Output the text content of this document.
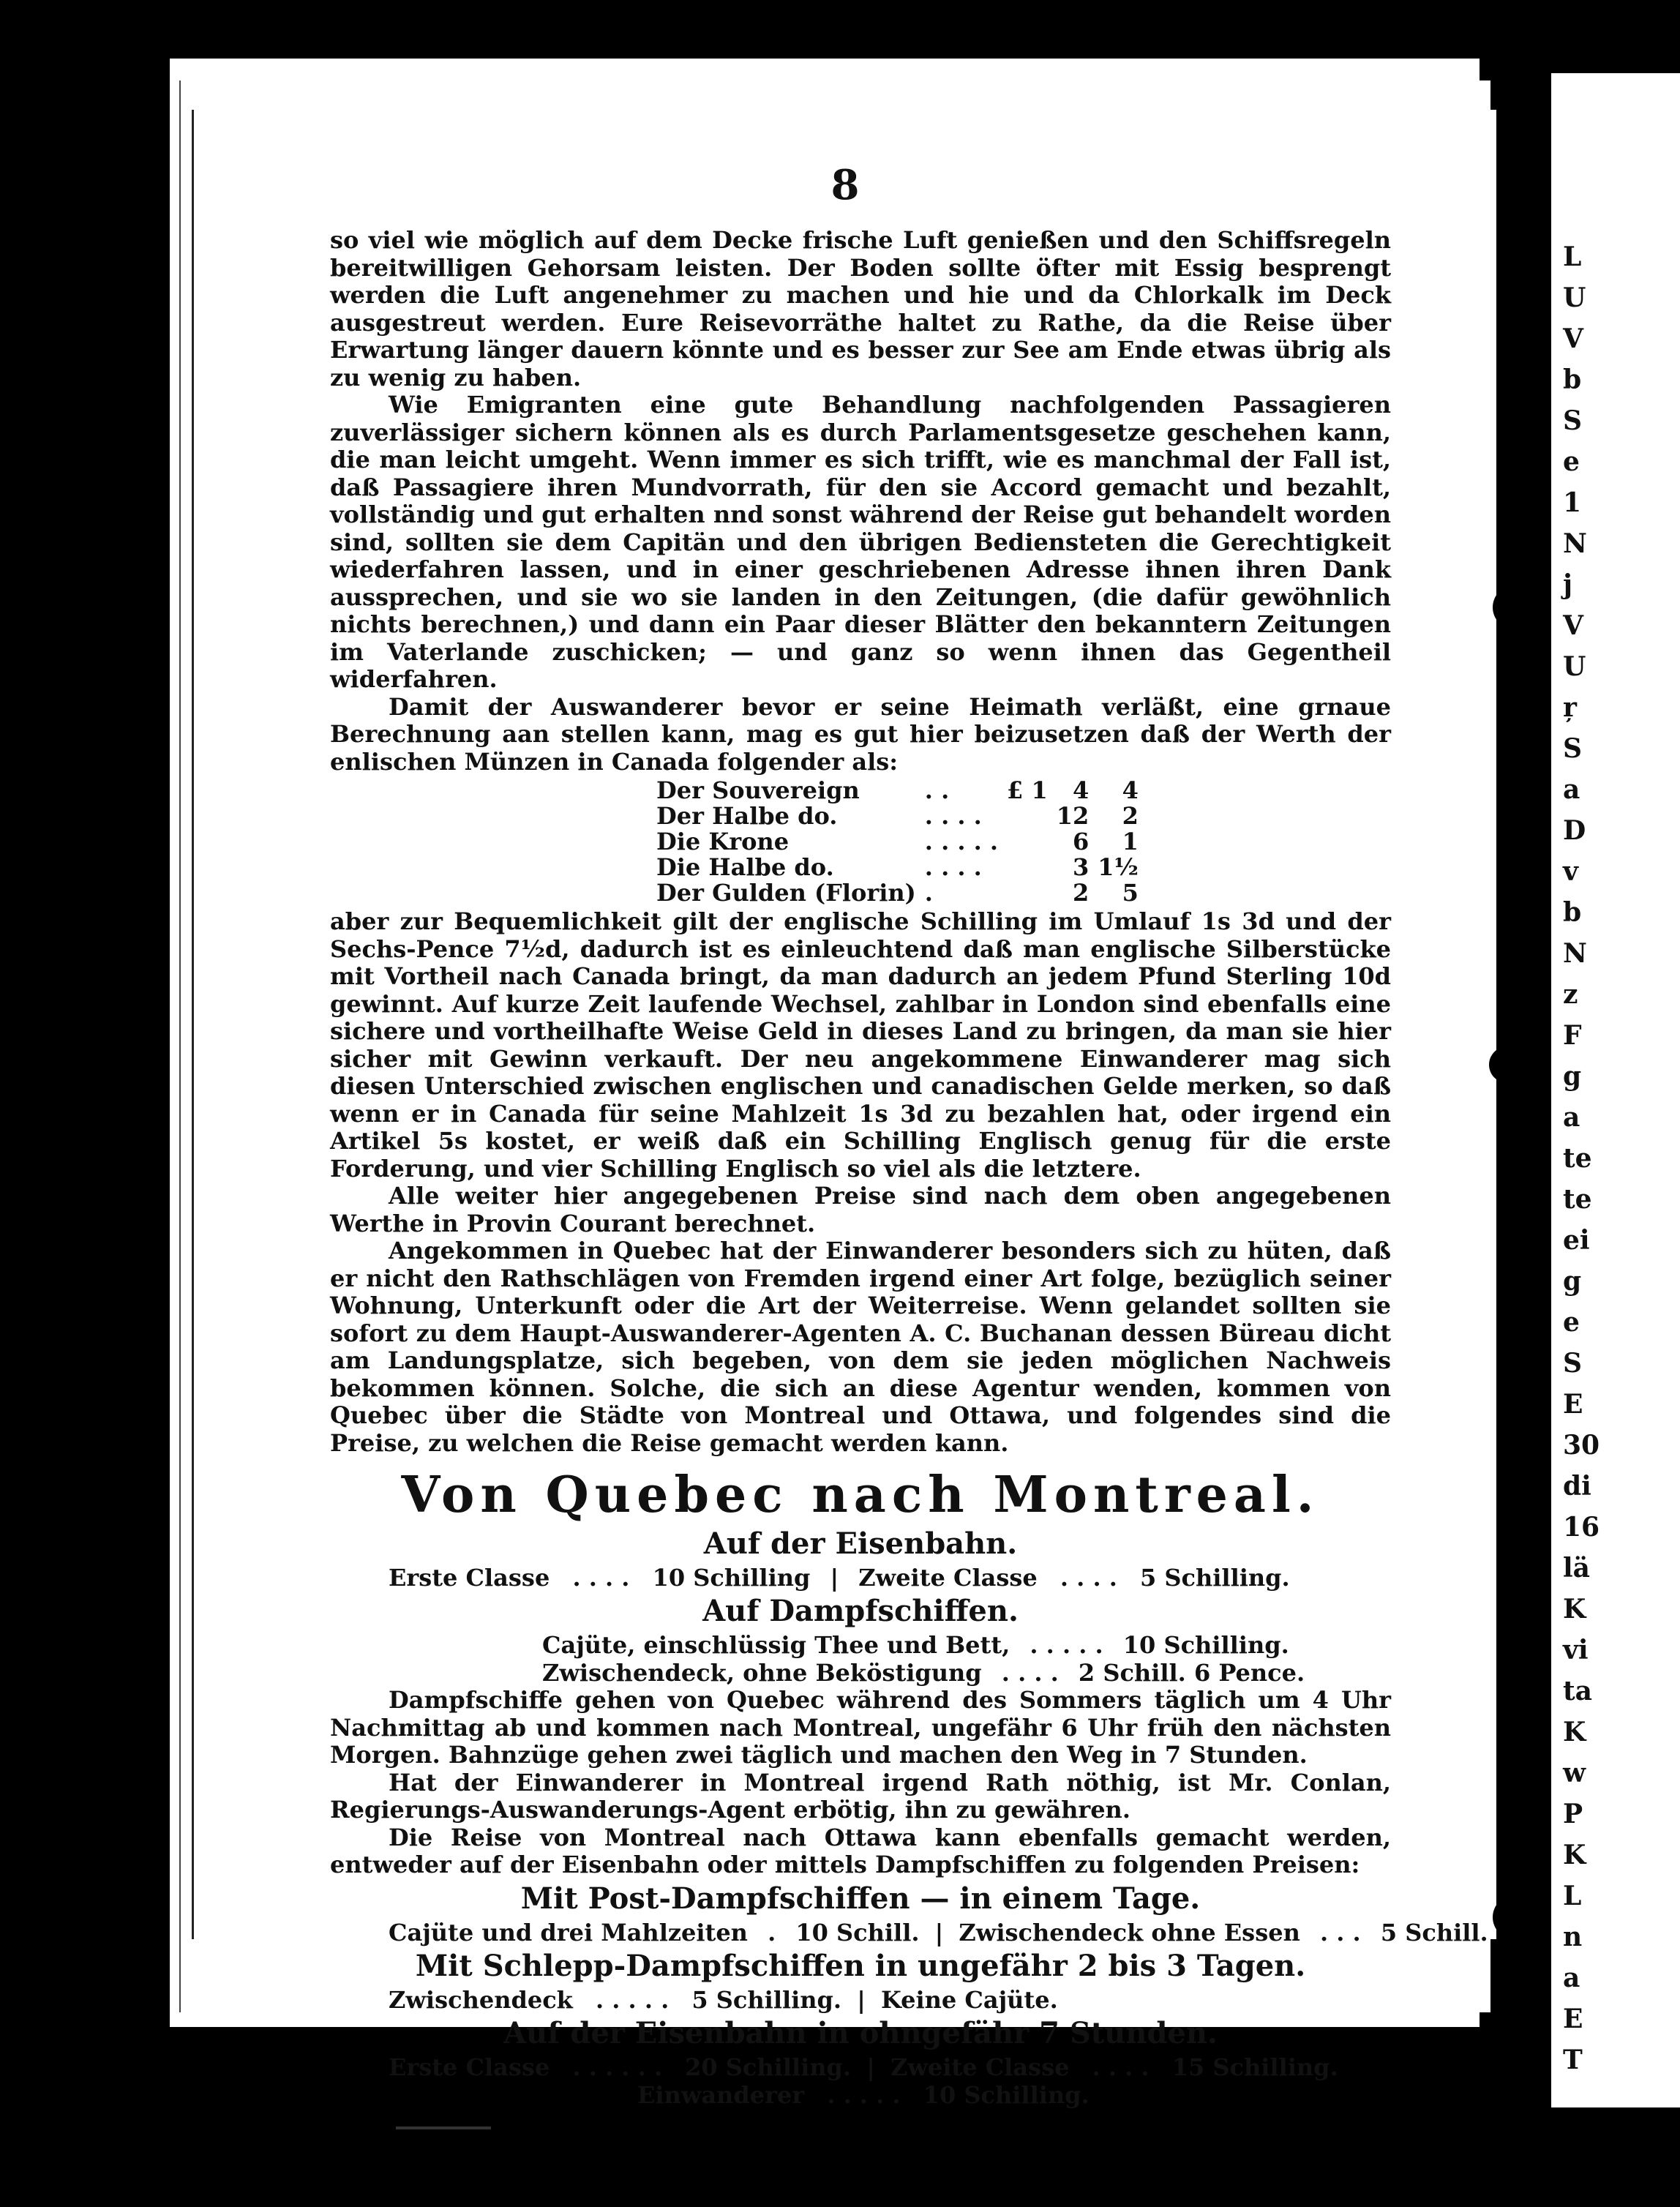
8

so viel wie möglich auf dem Decke frische Luft genießen und den Schiffsregeln bereitwilligen Gehorsam leisten. Der Boden sollte öfter mit Essig besprengt werden die Luft angenehmer zu machen und hie und da Chlorkalk im Deck ausgestreut werden. Eure Reisevorräthe haltet zu Rathe, da die Reise über Erwartung länger dauern könnte und es besser zur See am Ende etwas übrig als zu wenig zu haben.

Wie Emigranten eine gute Behandlung nachfolgenden Passagieren zuverlässiger sichern können als es durch Parlamentsgesetze geschehen kann, die man leicht umgeht. Wenn immer es sich trifft, wie es manchmal der Fall ist, daß Passagiere ihren Mundvorrath, für den sie Accord gemacht und bezahlt, vollständig und gut erhalten nnd sonst während der Reise gut behandelt worden sind, sollten sie dem Capitän und den übrigen Bediensteten die Gerechtigkeit wiederfahren lassen, und in einer geschriebenen Adresse ihnen ihren Dank aussprechen, und sie wo sie landen in den Zeitungen, (die dafür gewöhnlich nichts berechnen,) und dann ein Paar dieser Blätter den bekanntern Zeitungen im Vaterlande zuschicken; — und ganz so wenn ihnen das Gegentheil widerfahren.

Damit der Auswanderer bevor er seine Heimath verläßt, eine grnaue Berechnung aan stellen kann, mag es gut hier beizusetzen daß der Werth der enlischen Münzen in Canada folgender als:

Der Souvereign	. .	£ 1	4	4
Der Halbe do.	. . . .		12	2
Die Krone	. . . . .		6	1
Die Halbe do.	. . . .		3	1½
Der Gulden (Florin)	.		2	5

aber zur Bequemlichkeit gilt der englische Schilling im Umlauf 1s 3d und der Sechs-Pence 7½d, dadurch ist es einleuchtend daß man englische Silberstücke mit Vortheil nach Canada bringt, da man dadurch an jedem Pfund Sterling 10d gewinnt. Auf kurze Zeit laufende Wechsel, zahlbar in London sind ebenfalls eine sichere und vortheilhafte Weise Geld in dieses Land zu bringen, da man sie hier sicher mit Gewinn verkauft. Der neu angekommene Einwanderer mag sich diesen Unterschied zwischen englischen und canadischen Gelde merken, so daß wenn er in Canada für seine Mahlzeit 1s 3d zu bezahlen hat, oder irgend ein Artikel 5s kostet, er weiß daß ein Schilling Englisch genug für die erste Forderung, und vier Schilling Englisch so viel als die letztere.

Alle weiter hier angegebenen Preise sind nach dem oben angegebenen Werthe in Provin Courant berechnet.

Angekommen in Quebec hat der Einwanderer besonders sich zu hüten, daß er nicht den Rathschlägen von Fremden irgend einer Art folge, bezüglich seiner Wohnung, Unterkunft oder die Art der Weiterreise. Wenn gelandet sollten sie sofort zu dem Haupt-Auswanderer-Agenten A. C. Buchanan dessen Büreau dicht am Landungsplatze, sich begeben, von dem sie jeden möglichen Nachweis bekommen können. Solche, die sich an diese Agentur wenden, kommen von Quebec über die Städte von Montreal und Ottawa, und folgendes sind die Preise, zu welchen die Reise gemacht werden kann.

Von Quebec nach Montreal.
Auf der Eisenbahn.
Erste Classe . . . . 10 Schilling | Zweite Classe . . . . 5 Schilling.
Auf Dampfschiffen.
Cajüte, einschlüssig Thee und Bett, . . . . . 10 Schilling.
Zwischendeck, ohne Beköstigung . . . . 2 Schill. 6 Pence.

Dampfschiffe gehen von Quebec während des Sommers täglich um 4 Uhr Nachmittag ab und kommen nach Montreal, ungefähr 6 Uhr früh den nächsten Morgen. Bahnzüge gehen zwei täglich und machen den Weg in 7 Stunden.

Hat der Einwanderer in Montreal irgend Rath nöthig, ist Mr. Conlan, Regierungs-Auswanderungs-Agent erbötig, ihn zu gewähren.

Die Reise von Montreal nach Ottawa kann ebenfalls gemacht werden, entweder auf der Eisenbahn oder mittels Dampfschiffen zu folgenden Preisen:

Mit Post-Dampfschiffen — in einem Tage.
Cajüte und drei Mahlzeiten . 10 Schill. | Zwischendeck ohne Essen . . . 5 Schill.
Mit Schlepp-Dampfschiffen in ungefähr 2 bis 3 Tagen.
Zwischendeck . . . . . 5 Schilling. | Keine Cajüte.
Auf der Eisenbahn in ohngefähr 7 Stunden.
Erste Classe . . . . . . 20 Schilling. | Zweite Classe . . . . 15 Schilling.
Einwanderer . . . . . 10 Schilling.
L
U
V
b
S
e
1
N
j
V
U
ŗ
S
a
D
v
b
N
z
F
g
a
te
te
ei
g
e
S
E
30
di
16
lä
K
vi
ta
K
w
P
K
L
n
a
E
T
